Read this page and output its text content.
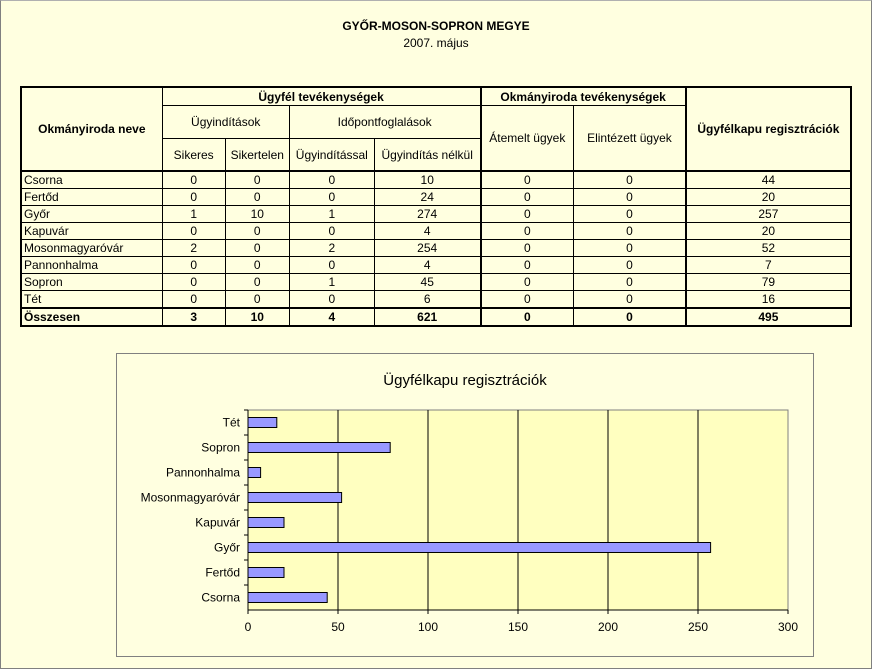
GYŐR-MOSON-SOPRON MEGYE
2007. május
Okmányiroda neve	Ügyfél tevékenységek				Okmányiroda tevékenységek		Ügyfélkapu regisztrációk
	Ügyindítások		Időpontfoglalások		Átemelt ügyek	Elintézett ügyek	
	Sikeres	Sikertelen	Ügyindítással	Ügyindítás nélkül			
Csorna	0	0	0	10	0	0	44
Fertőd	0	0	0	24	0	0	20
Győr	1	10	1	274	0	0	257
Kapuvár	0	0	0	4	0	0	20
Mosonmagyaróvár	2	0	2	254	0	0	52
Pannonhalma	0	0	0	4	0	0	7
Sopron	0	0	1	45	0	0	79
Tét	0	0	0	6	0	0	16
Összesen	3	10	4	621	0	0	495
Ügyfélkapu regisztrációk
0	50	100	150	200	250	300
Tét
Sopron
Pannonhalma
Mosonmagyaróvár
Kapuvár
Győr
Fertőd
Csorna
